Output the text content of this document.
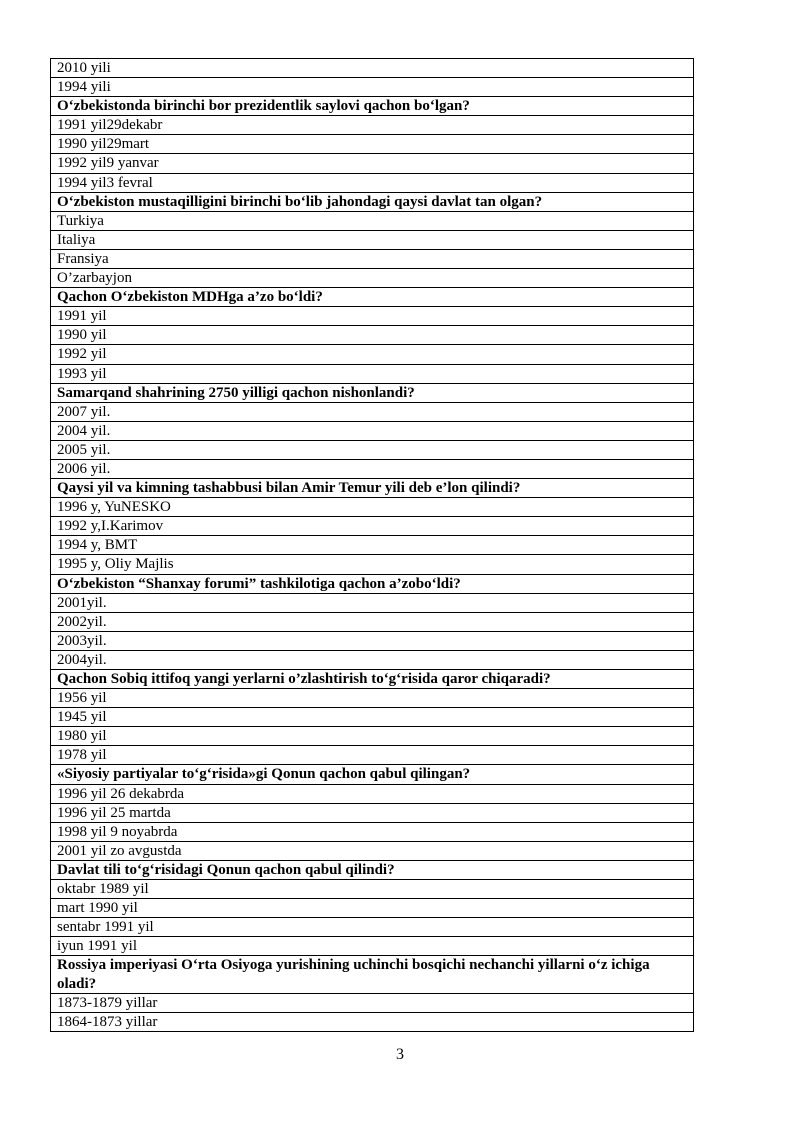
2010 yili
1994 yili
O‘zbekistonda birinchi bor prezidentlik saylovi qachon bo‘lgan?
1991 yil29dekabr
1990 yil29mart
1992 yil9 yanvar
1994 yil3 fevral
O‘zbekiston mustaqilligini birinchi bo‘lib jahondagi qaysi davlat tan olgan?
Turkiya
Italiya
Fransiya
O’zarbayjon
Qachon O‘zbekiston MDHga a’zo bo‘ldi?
1991 yil
1990 yil
1992 yil
1993 yil
Samarqand shahrining 2750 yilligi qachon nishonlandi?
2007 yil.
2004 yil.
2005 yil.
2006 yil.
Qaysi yil va kimning tashabbusi bilan Amir Temur yili deb e’lon qilindi?
1996 y, YuNESKO
1992 y,I.Karimov
1994 y, BMT
1995 y, Oliy Majlis
O‘zbekiston “Shanxay forumi” tashkilotiga qachon a’zobo‘ldi?
2001yil.
2002yil.
2003yil.
2004yil.
Qachon Sobiq ittifoq yangi yerlarni o’zlashtirish to‘g‘risida qaror chiqaradi?
1956 yil
1945 yil
1980 yil
1978 yil
«Siyosiy partiyalar to‘g‘risida»gi Qonun qachon qabul qilingan?
1996 yil 26 dekabrda
1996 yil 25 martda
1998 yil 9 noyabrda
2001 yil zo avgustda
Davlat tili to‘g‘risidagi Qonun qachon qabul qilindi?
oktabr 1989 yil
mart 1990 yil
sentabr 1991 yil
iyun 1991 yil
Rossiya imperiyasi O‘rta Osiyoga yurishining uchinchi bosqichi nechanchi yillarni o‘z ichiga oladi?
1873-1879 yillar
1864-1873 yillar
3
